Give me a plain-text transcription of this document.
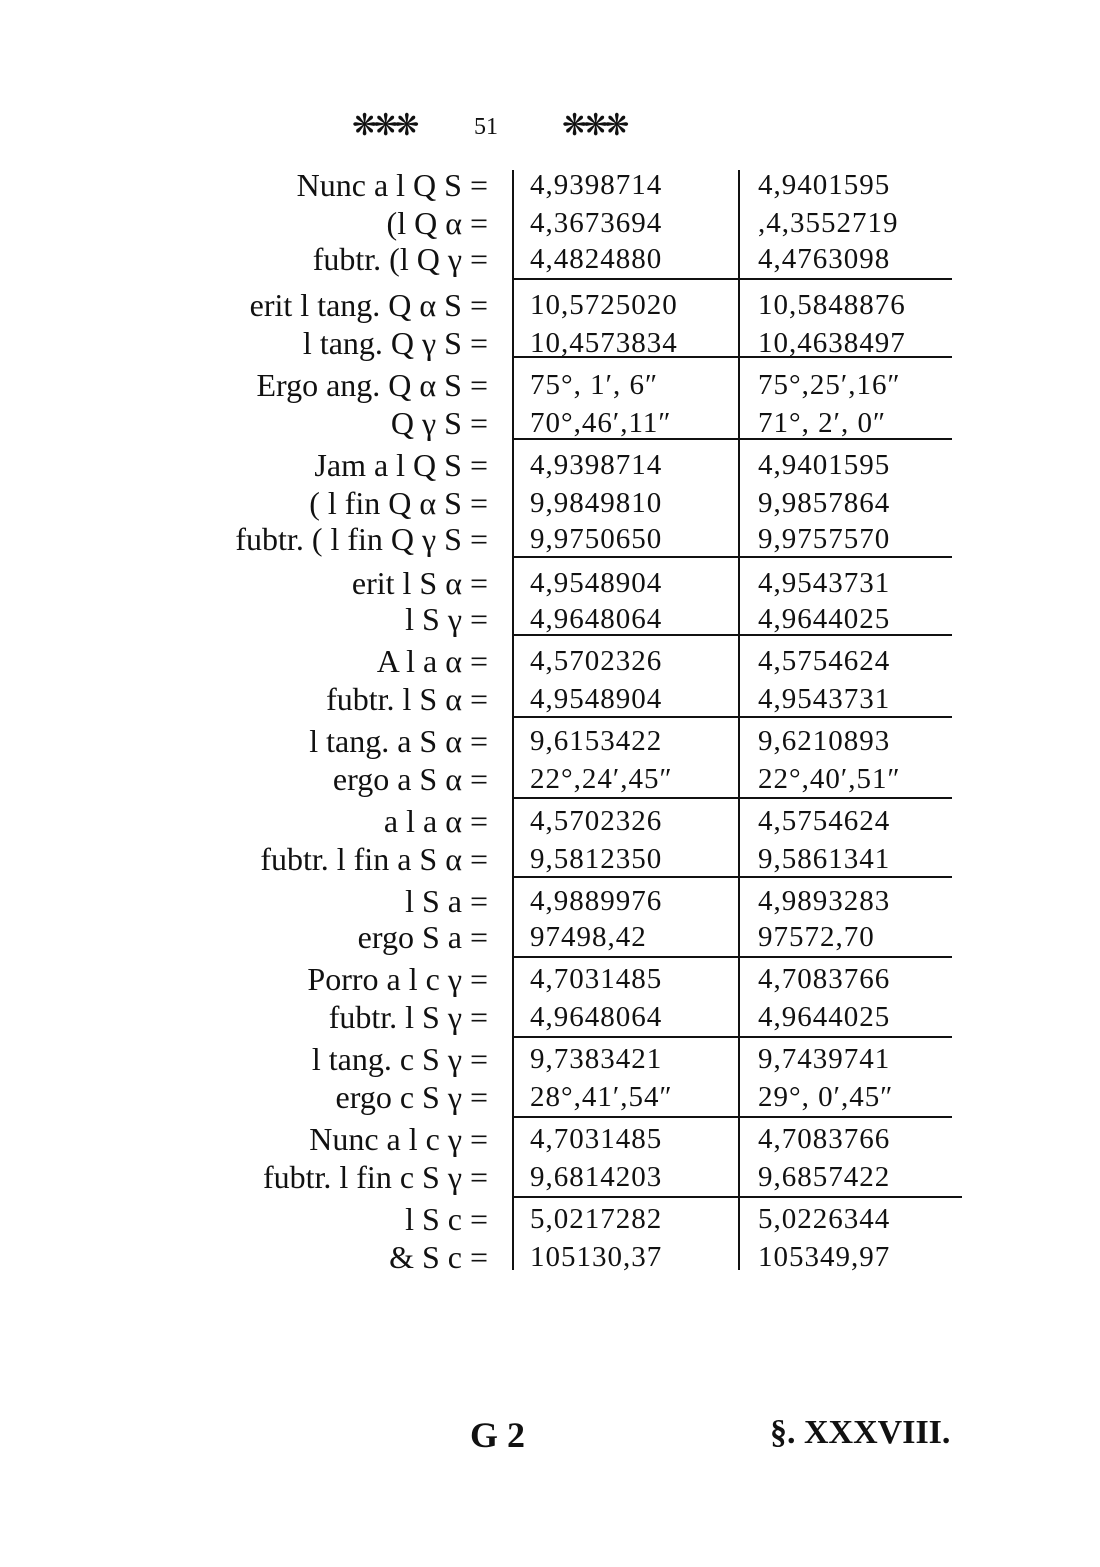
❋❋❋ 51 ❋❋❋
Nunc a l Q S = 4,9398714	4,9401595
(l Q α = 4,3673694	,4,3552719
fubtr. (l Q γ = 4,4824880	4,4763098
erit l tang. Q α S = 10,5725020	10,5848876
l tang. Q γ S = 10,4573834	10,4638497
Ergo ang. Q α S = 75°, 1′, 6″	75°,25′,16″
Q γ S = 70°,46′,11″	71°, 2′, 0″
Jam a l Q S = 4,9398714	4,9401595
( l fin Q α S = 9,9849810	9,9857864
fubtr. ( l fin Q γ S = 9,9750650	9,9757570
erit l S α = 4,9548904	4,9543731
l S γ = 4,9648064	4,9644025
A l a α = 4,5702326	4,5754624
fubtr. l S α = 4,9548904	4,9543731
l tang. a S α = 9,6153422	9,6210893
ergo a S α = 22°,24′,45″	22°,40′,51″
a l a α = 4,5702326	4,5754624
fubtr. l fin a S α = 9,5812350	9,5861341
l S a = 4,9889976	4,9893283
ergo S a = 97498,42	97572,70
Porro a l c γ = 4,7031485	4,7083766
fubtr. l S γ = 4,9648064	4,9644025
l tang. c S γ = 9,7383421	9,7439741
ergo c S γ = 28°,41′,54″	29°, 0′,45″
Nunc a l c γ = 4,7031485	4,7083766
fubtr. l fin c S γ = 9,6814203	9,6857422
l S c = 5,0217282	5,0226344
& S c = 105130,37	105349,97
G 2	§. XXXVIII.
